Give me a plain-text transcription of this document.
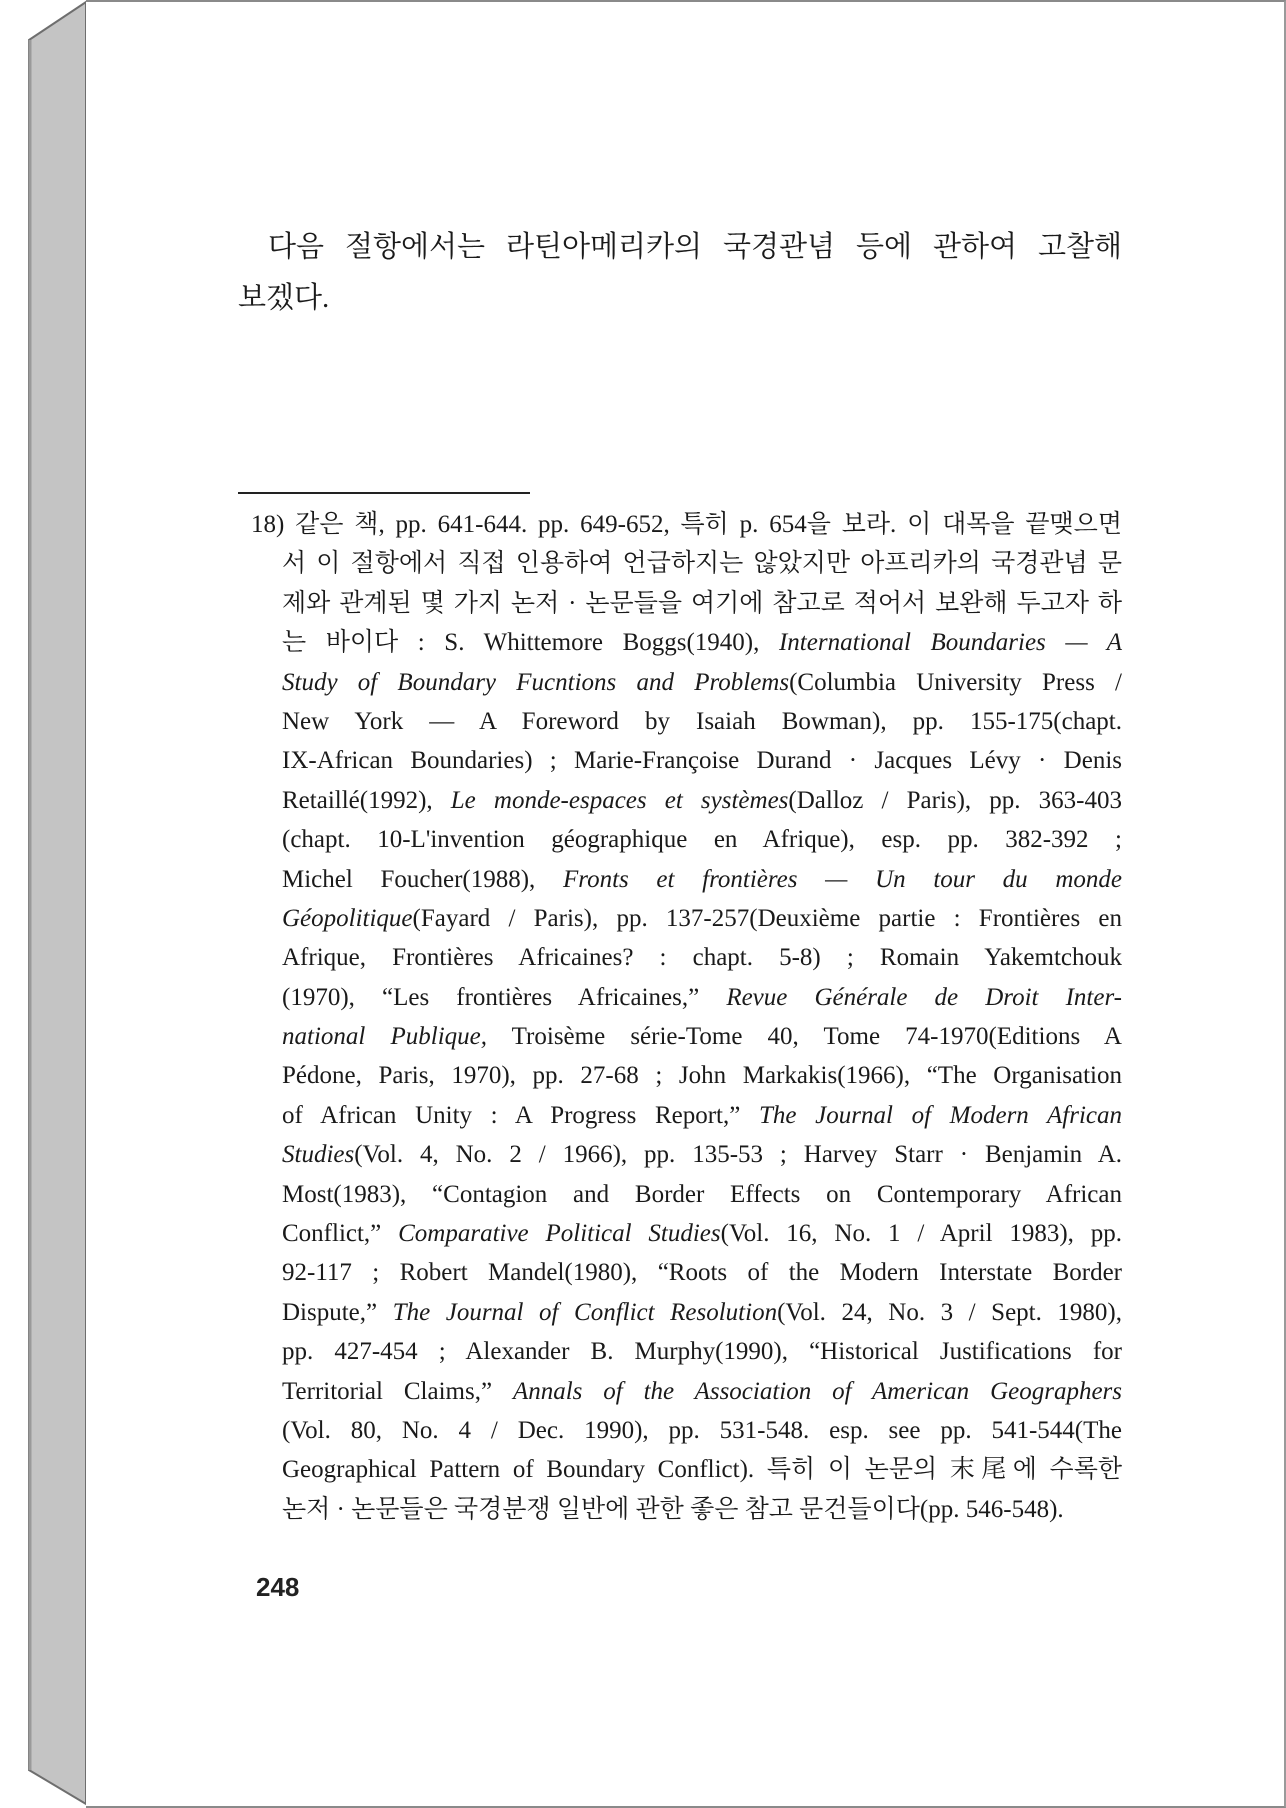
다음 절항에서는 라틴아메리카의 국경관념 등에 관하여 고찰해
보겠다.
18) 같은 책, pp. 641-644. pp. 649-652, 특히 p. 654을 보라. 이 대목을 끝맺으면
서 이 절항에서 직접 인용하여 언급하지는 않았지만 아프리카의 국경관념 문
제와 관계된 몇 가지 논저 · 논문들을 여기에 참고로 적어서 보완해 두고자 하
는 바이다 : S. Whittemore Boggs(1940), International Boundaries — A
Study of Boundary Fucntions and Problems(Columbia University Press /
New York — A Foreword by Isaiah Bowman), pp. 155-175(chapt.
IX-African Boundaries) ; Marie-Françoise Durand · Jacques Lévy · Denis
Retaillé(1992), Le monde-espaces et systèmes(Dalloz / Paris), pp. 363-403
(chapt. 10-L'invention géographique en Afrique), esp. pp. 382-392 ;
Michel Foucher(1988), Fronts et frontières — Un tour du monde
Géopolitique(Fayard / Paris), pp. 137-257(Deuxième partie : Frontières en
Afrique, Frontières Africaines? : chapt. 5-8) ; Romain Yakemtchouk
(1970), “Les frontières Africaines,” Revue Générale de Droit Inter-
national Publique, Troisème série-Tome 40, Tome 74-1970(Editions A
Pédone, Paris, 1970), pp. 27-68 ; John Markakis(1966), “The Organisation
of African Unity : A Progress Report,” The Journal of Modern African
Studies(Vol. 4, No. 2 / 1966), pp. 135-53 ; Harvey Starr · Benjamin A.
Most(1983), “Contagion and Border Effects on Contemporary African
Conflict,” Comparative Political Studies(Vol. 16, No. 1 / April 1983), pp.
92-117 ; Robert Mandel(1980), “Roots of the Modern Interstate Border
Dispute,” The Journal of Conflict Resolution(Vol. 24, No. 3 / Sept. 1980),
pp. 427-454 ; Alexander B. Murphy(1990), “Historical Justifications for
Territorial Claims,” Annals of the Association of American Geographers
(Vol. 80, No. 4 / Dec. 1990), pp. 531-548. esp. see pp. 541-544(The
Geographical Pattern of Boundary Conflict). 특히 이 논문의 末尾에 수록한
논저 · 논문들은 국경분쟁 일반에 관한 좋은 참고 문건들이다(pp. 546-548).
248
